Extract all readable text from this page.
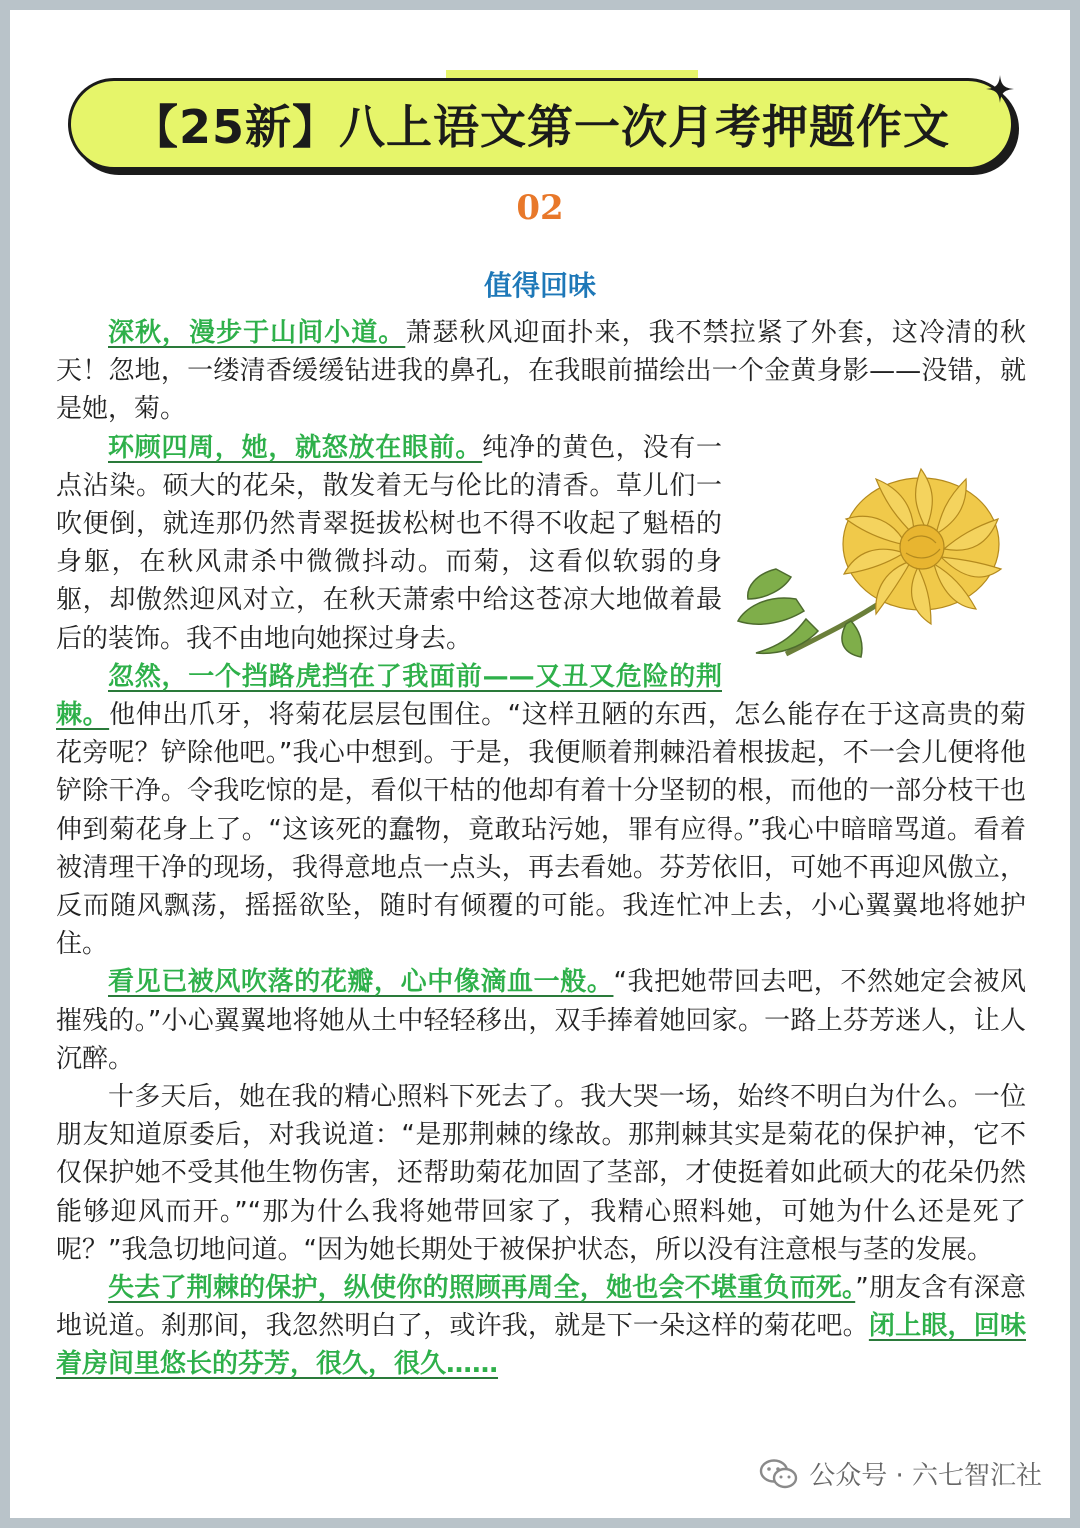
【25新】八上语文第一次月考押题作文
02
值得回味

深秋，漫步于山间小道。萧瑟秋风迎面扑来，我不禁拉紧了外套，这冷清的秋天！忽地，一缕清香缓缓钻进我的鼻孔，在我眼前描绘出一个金黄身影——没错，就是她，菊。

环顾四周，她，就怒放在眼前。纯净的黄色，没有一点沾染。硕大的花朵，散发着无与伦比的清香。草儿们一吹便倒，就连那仍然青翠挺拔松树也不得不收起了魁梧的身躯，在秋风肃杀中微微抖动。而菊，这看似软弱的身躯，却傲然迎风对立，在秋天萧索中给这苍凉大地做着最后的装饰。我不由地向她探过身去。

忽然，一个挡路虎挡在了我面前——又丑又危险的荆棘。他伸出爪牙，将菊花层层包围住。“这样丑陋的东西，怎么能存在于这高贵的菊花旁呢？铲除他吧。”我心中想到。于是，我便顺着荆棘沿着根拔起，不一会儿便将他铲除干净。令我吃惊的是，看似干枯的他却有着十分坚韧的根，而他的一部分枝干也伸到菊花身上了。“这该死的蠢物，竟敢玷污她，罪有应得。”我心中暗暗骂道。看着被清理干净的现场，我得意地点一点头，再去看她。芬芳依旧，可她不再迎风傲立，反而随风飘荡，摇摇欲坠，随时有倾覆的可能。我连忙冲上去，小心翼翼地将她护住。

看见已被风吹落的花瓣，心中像滴血一般。“我把她带回去吧，不然她定会被风摧残的。”小心翼翼地将她从土中轻轻移出，双手捧着她回家。一路上芬芳迷人，让人沉醉。

十多天后，她在我的精心照料下死去了。我大哭一场，始终不明白为什么。一位朋友知道原委后，对我说道：“是那荆棘的缘故。那荆棘其实是菊花的保护神，它不仅保护她不受其他生物伤害，还帮助菊花加固了茎部，才使挺着如此硕大的花朵仍然能够迎风而开。”“那为什么我将她带回家了，我精心照料她，可她为什么还是死了呢？”我急切地问道。“因为她长期处于被保护状态，所以没有注意根与茎的发展。

失去了荆棘的保护，纵使你的照顾再周全，她也会不堪重负而死。”朋友含有深意地说道。刹那间，我忽然明白了，或许我，就是下一朵这样的菊花吧。闭上眼，回味着房间里悠长的芬芳，很久，很久……

公众号 · 六七智汇社
